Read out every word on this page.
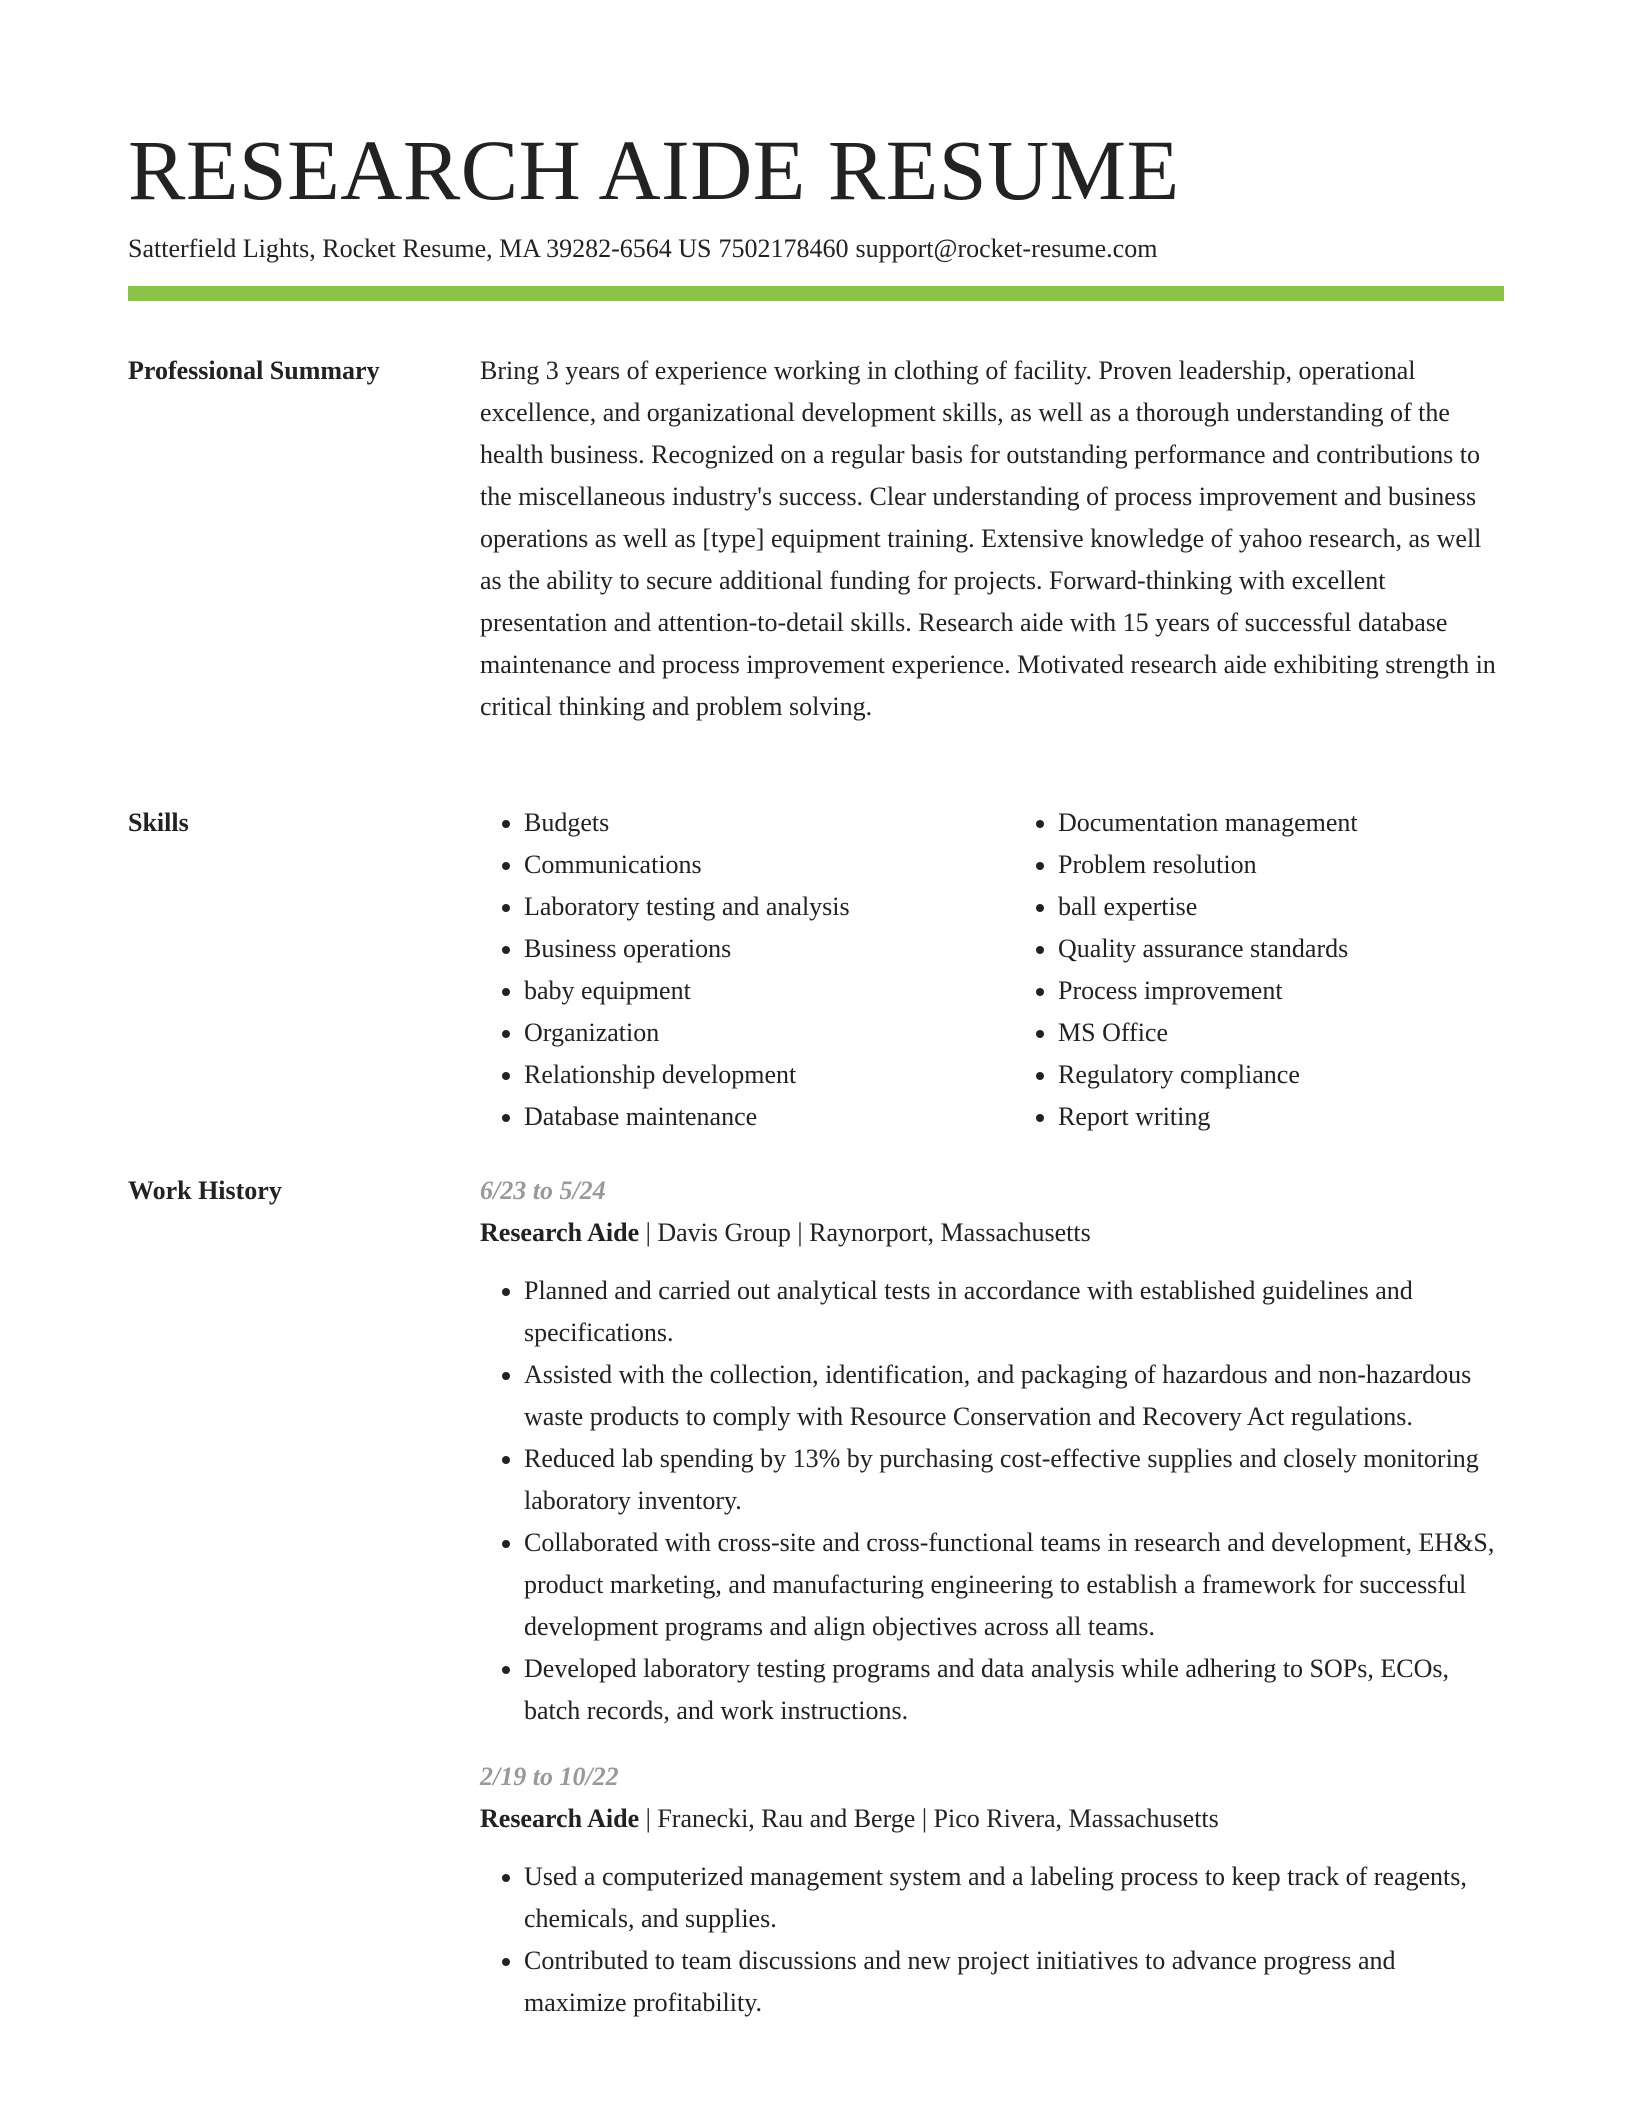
RESEARCH AIDE RESUME
Satterfield Lights, Rocket Resume, MA 39282-6564 US 7502178460 support@rocket-resume.com
Professional Summary	Bring 3 years of experience working in clothing of facility. Proven leadership, operational excellence, and organizational development skills, as well as a thorough understanding of the health business. Recognized on a regular basis for outstanding performance and contributions to the miscellaneous industry's success. Clear understanding of process improvement and business operations as well as [type] equipment training. Extensive knowledge of yahoo research, as well as the ability to secure additional funding for projects. Forward-thinking with excellent presentation and attention-to-detail skills. Research aide with 15 years of successful database maintenance and process improvement experience. Motivated research aide exhibiting strength in critical thinking and problem solving.

Skills
•	Budgets
• Communications
• Laboratory testing and analysis
• Business operations
• baby equipment
• Organization
• Relationship development
• Database maintenance
• Documentation management
• Problem resolution
• ball expertise
• Quality assurance standards
• Process improvement
• MS Office
• Regulatory compliance
• Report writing
Work History	6/23 to 5/24
Research Aide | Davis Group | Raynorport, Massachusetts
• Planned and carried out analytical tests in accordance with established guidelines and specifications.
• Assisted with the collection, identification, and packaging of hazardous and non-hazardous waste products to comply with Resource Conservation and Recovery Act regulations.
• Reduced lab spending by 13% by purchasing cost-effective supplies and closely monitoring laboratory inventory.
• Collaborated with cross-site and cross-functional teams in research and development, EH&S, product marketing, and manufacturing engineering to establish a framework for successful development programs and align objectives across all teams.
• Developed laboratory testing programs and data analysis while adhering to SOPs, ECOs, batch records, and work instructions.
2/19 to 10/22
Research Aide | Franecki, Rau and Berge | Pico Rivera, Massachusetts
• Used a computerized management system and a labeling process to keep track of reagents, chemicals, and supplies.
• Contributed to team discussions and new project initiatives to advance progress and maximize profitability.
